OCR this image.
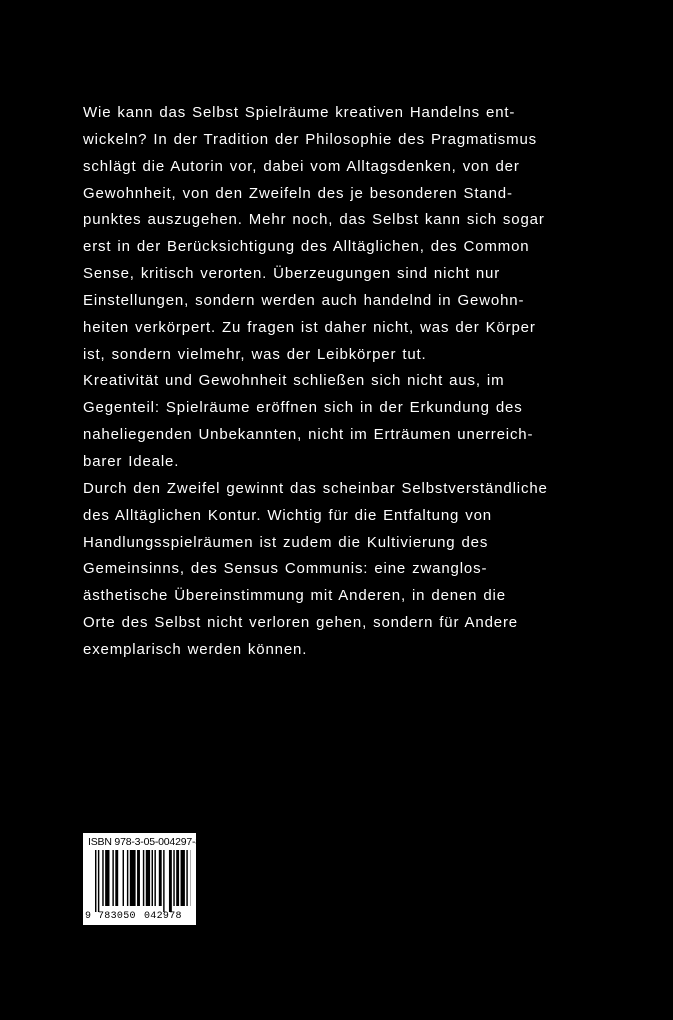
Wie kann das Selbst Spielräume kreativen Handelns ent-
wickeln? In der Tradition der Philosophie des Pragmatismus
schlägt die Autorin vor, dabei vom Alltagsdenken, von der
Gewohnheit, von den Zweifeln des je besonderen Stand-
punktes auszugehen. Mehr noch, das Selbst kann sich sogar
erst in der Berücksichtigung des Alltäglichen, des Common
Sense, kritisch verorten. Überzeugungen sind nicht nur
Einstellungen, sondern werden auch handelnd in Gewohn-
heiten verkörpert. Zu fragen ist daher nicht, was der Körper
ist, sondern vielmehr, was der Leibkörper tut.
Kreativität und Gewohnheit schließen sich nicht aus, im
Gegenteil: Spielräume eröffnen sich in der Erkundung des
naheliegenden Unbekannten, nicht im Erträumen unerreich-
barer Ideale.
Durch den Zweifel gewinnt das scheinbar Selbstverständliche
des Alltäglichen Kontur. Wichtig für die Entfaltung von
Handlungsspielräumen ist zudem die Kultivierung des
Gemeinsinns, des Sensus Communis: eine zwanglos-
ästhetische Übereinstimmung mit Anderen, in denen die
Orte des Selbst nicht verloren gehen, sondern für Andere
exemplarisch werden können.
ISBN 978-3-05-004297-8
9 783050 042978
